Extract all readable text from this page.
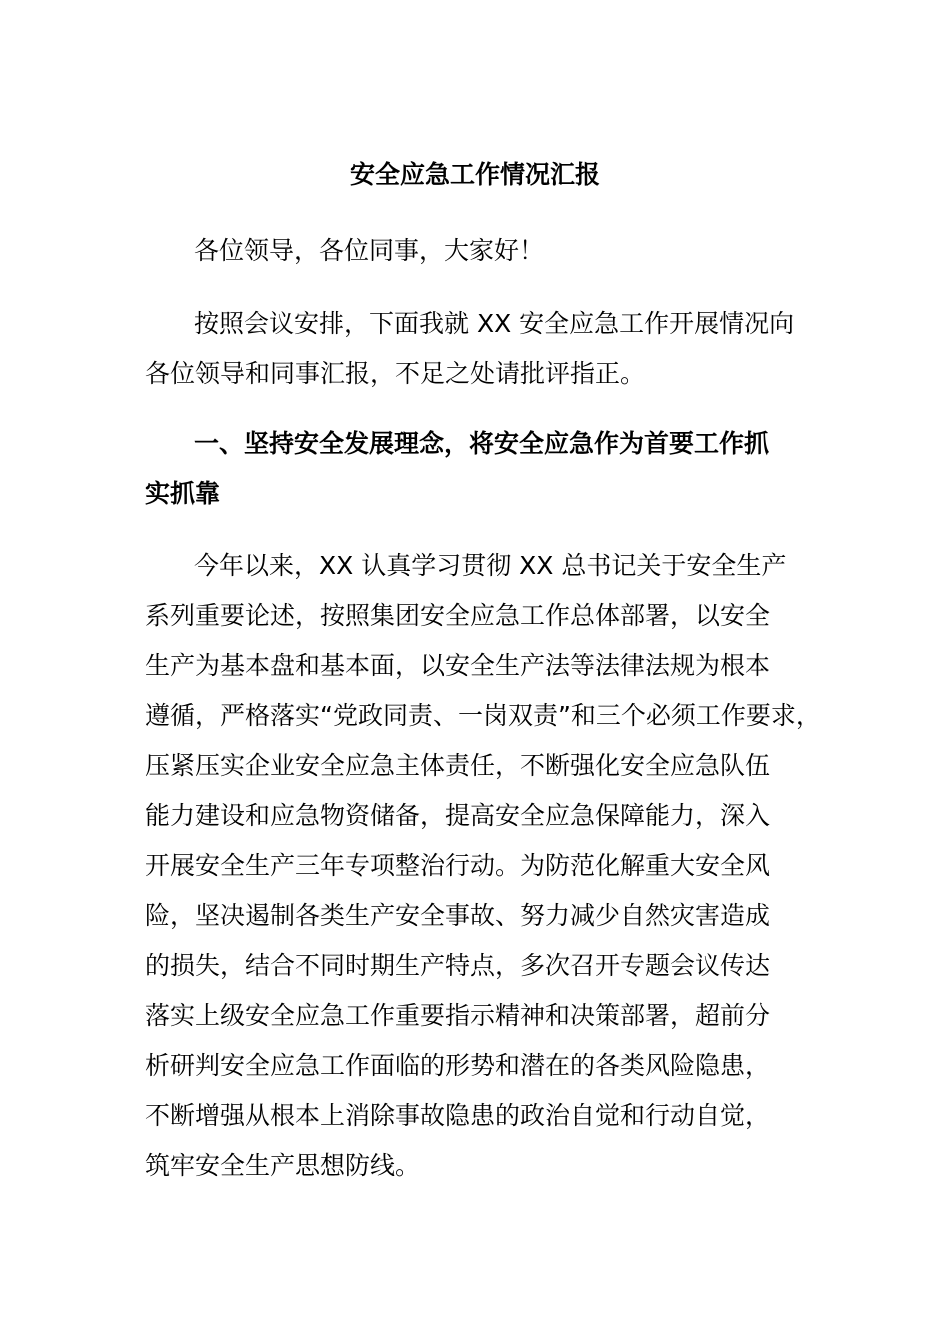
安全应急工作情况汇报
各位领导，各位同事，大家好！
按照会议安排，下面我就 XX 安全应急工作开展情况向
各位领导和同事汇报，不足之处请批评指正。
一、坚持安全发展理念，将安全应急作为首要工作抓
实抓靠
今年以来，XX 认真学习贯彻 XX 总书记关于安全生产
系列重要论述，按照集团安全应急工作总体部署，以安全
生产为基本盘和基本面，以安全生产法等法律法规为根本
遵循，严格落实“党政同责、一岗双责”和三个必须工作要求，
压紧压实企业安全应急主体责任，不断强化安全应急队伍
能力建设和应急物资储备，提高安全应急保障能力，深入
开展安全生产三年专项整治行动。为防范化解重大安全风
险，坚决遏制各类生产安全事故、努力减少自然灾害造成
的损失，结合不同时期生产特点，多次召开专题会议传达
落实上级安全应急工作重要指示精神和决策部署，超前分
析研判安全应急工作面临的形势和潜在的各类风险隐患，
不断增强从根本上消除事故隐患的政治自觉和行动自觉，
筑牢安全生产思想防线。
